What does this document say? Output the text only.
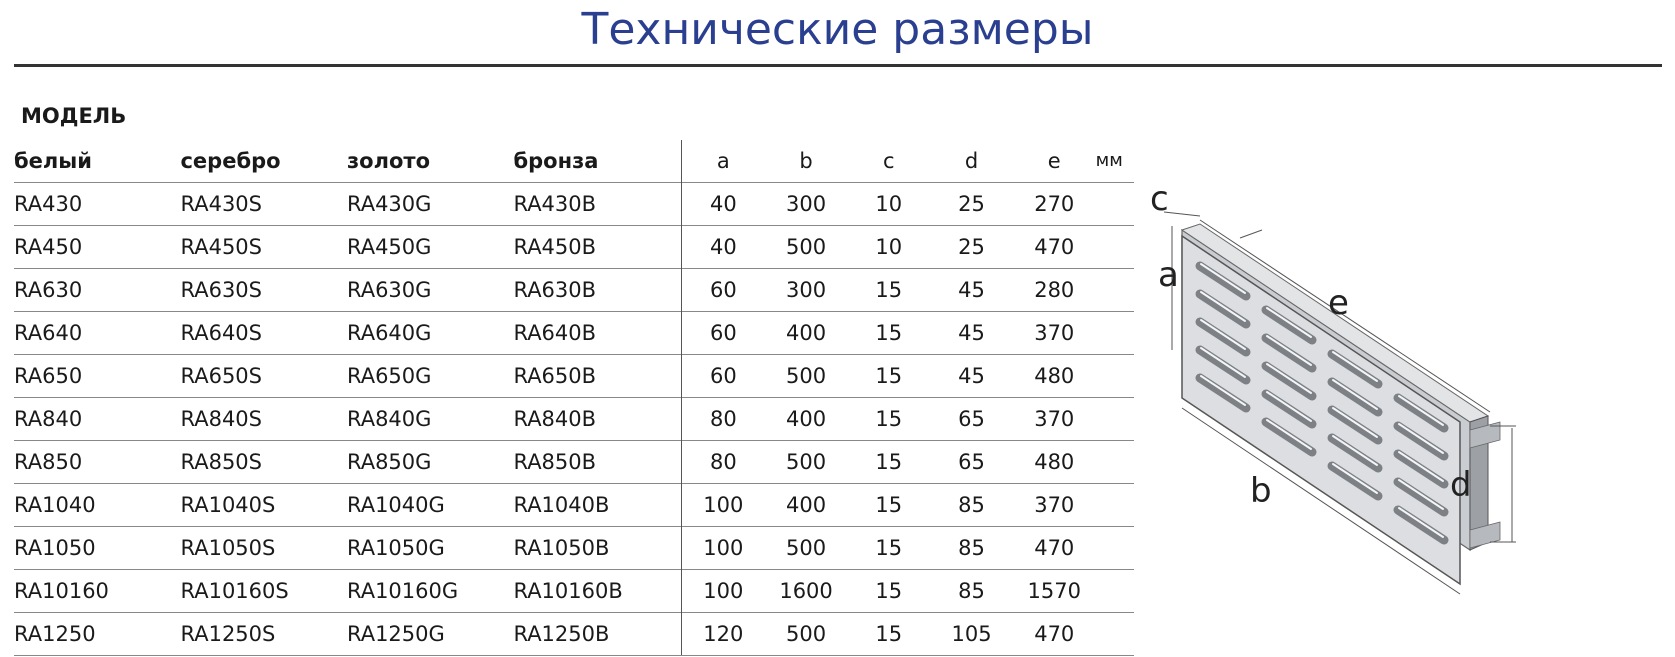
Технические размеры
МОДЕЛЬ
белый	серебро	золото	бронза	a	b	c	d	e	мм
RA430	RA430S	RA430G	RA430B	40	300	10	25	270	
RA450	RA450S	RA450G	RA450B	40	500	10	25	470	
RA630	RA630S	RA630G	RA630B	60	300	15	45	280	
RA640	RA640S	RA640G	RA640B	60	400	15	45	370	
RA650	RA650S	RA650G	RA650B	60	500	15	45	480	
RA840	RA840S	RA840G	RA840B	80	400	15	65	370	
RA850	RA850S	RA850G	RA850B	80	500	15	65	480	
RA1040	RA1040S	RA1040G	RA1040B	100	400	15	85	370	
RA1050	RA1050S	RA1050G	RA1050B	100	500	15	85	470	
RA10160	RA10160S	RA10160G	RA10160B	100	1600	15	85	1570	
RA1250	RA1250S	RA1250G	RA1250B	120	500	15	105	470	
a
c
e
b	d
